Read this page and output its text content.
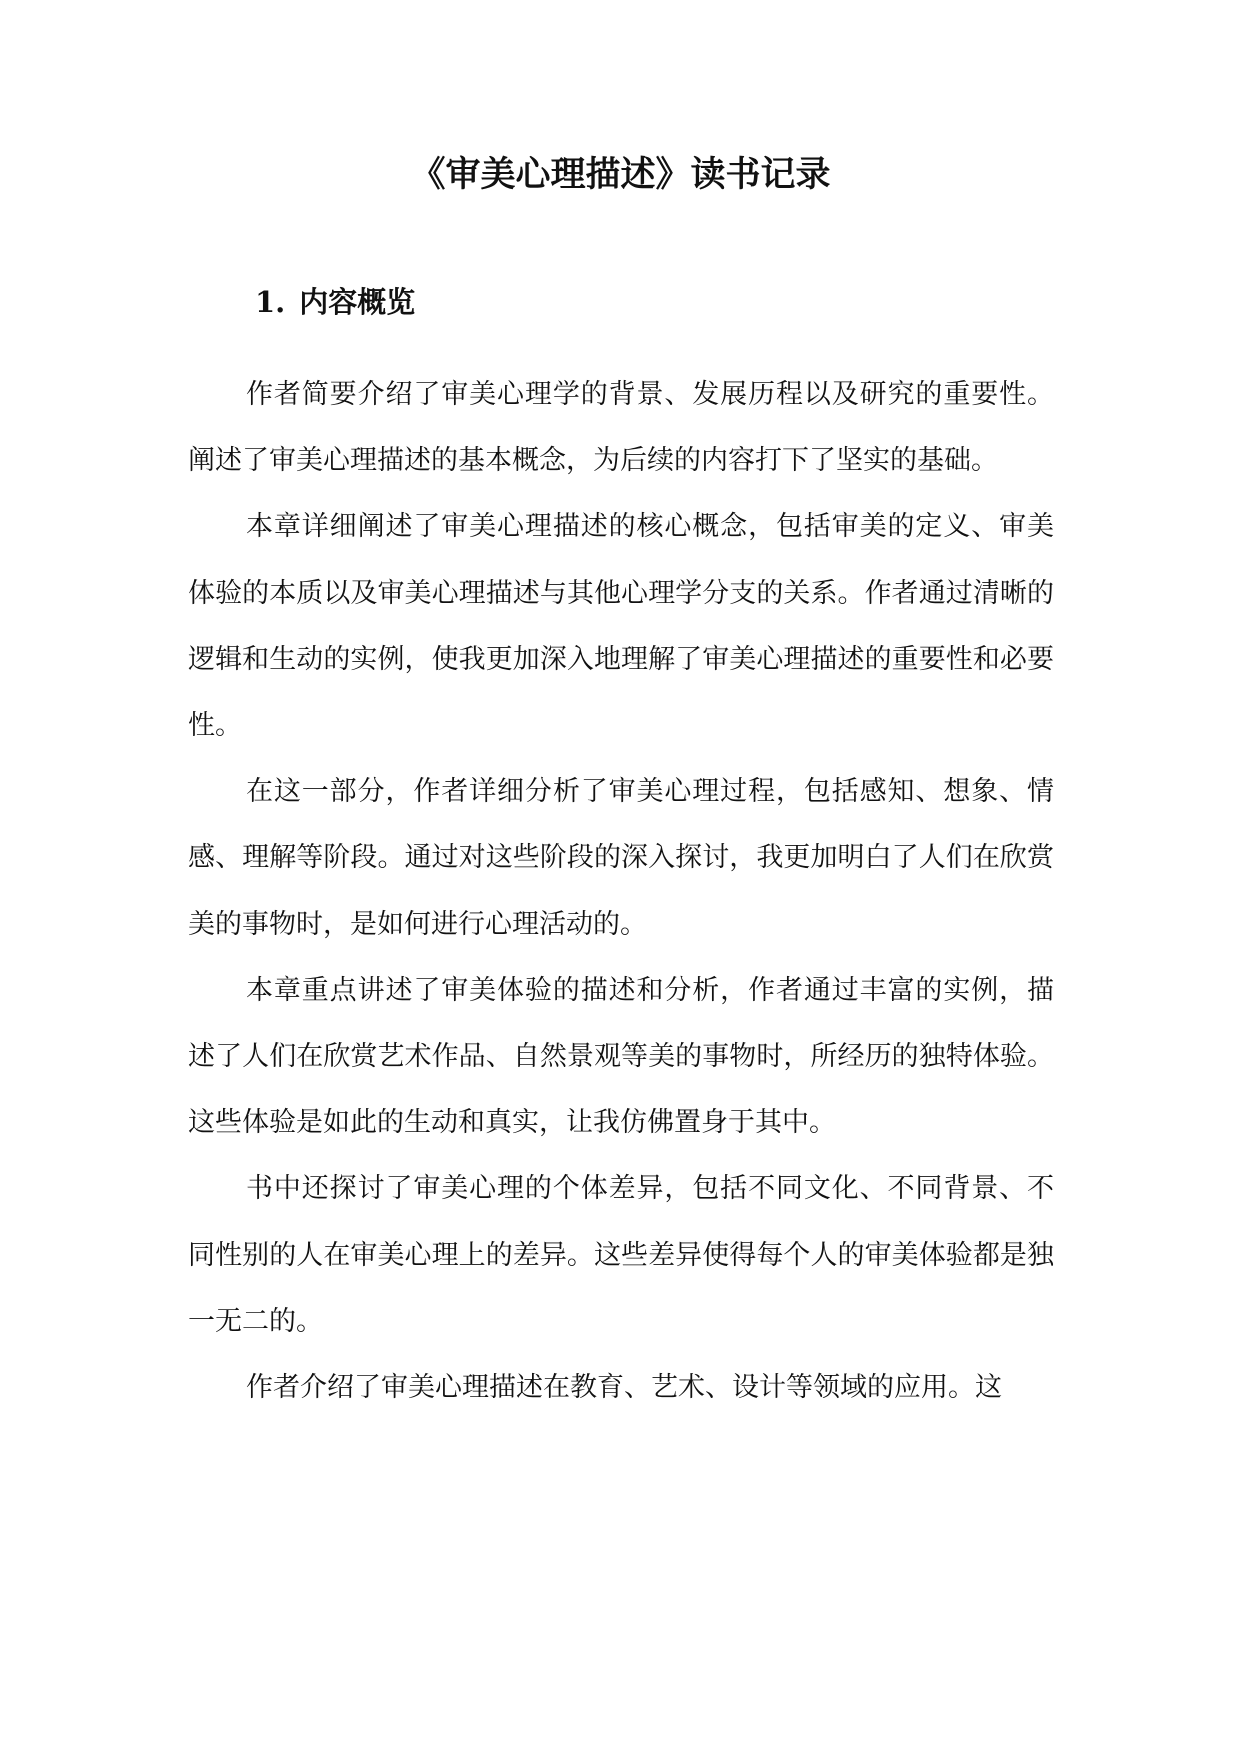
《审美心理描述》读书记录
1. 内容概览

作者简要介绍了审美心理学的背景、发展历程以及研究的重要性。阐述了审美心理描述的基本概念，为后续的内容打下了坚实的基础。

本章详细阐述了审美心理描述的核心概念，包括审美的定义、审美体验的本质以及审美心理描述与其他心理学分支的关系。作者通过清晰的逻辑和生动的实例，使我更加深入地理解了审美心理描述的重要性和必要性。

在这一部分，作者详细分析了审美心理过程，包括感知、想象、情感、理解等阶段。通过对这些阶段的深入探讨，我更加明白了人们在欣赏美的事物时，是如何进行心理活动的。

本章重点讲述了审美体验的描述和分析，作者通过丰富的实例，描述了人们在欣赏艺术作品、自然景观等美的事物时，所经历的独特体验。这些体验是如此的生动和真实，让我仿佛置身于其中。

书中还探讨了审美心理的个体差异，包括不同文化、不同背景、不同性别的人在审美心理上的差异。这些差异使得每个人的审美体验都是独一无二的。

作者介绍了审美心理描述在教育、艺术、设计等领域的应用。这
